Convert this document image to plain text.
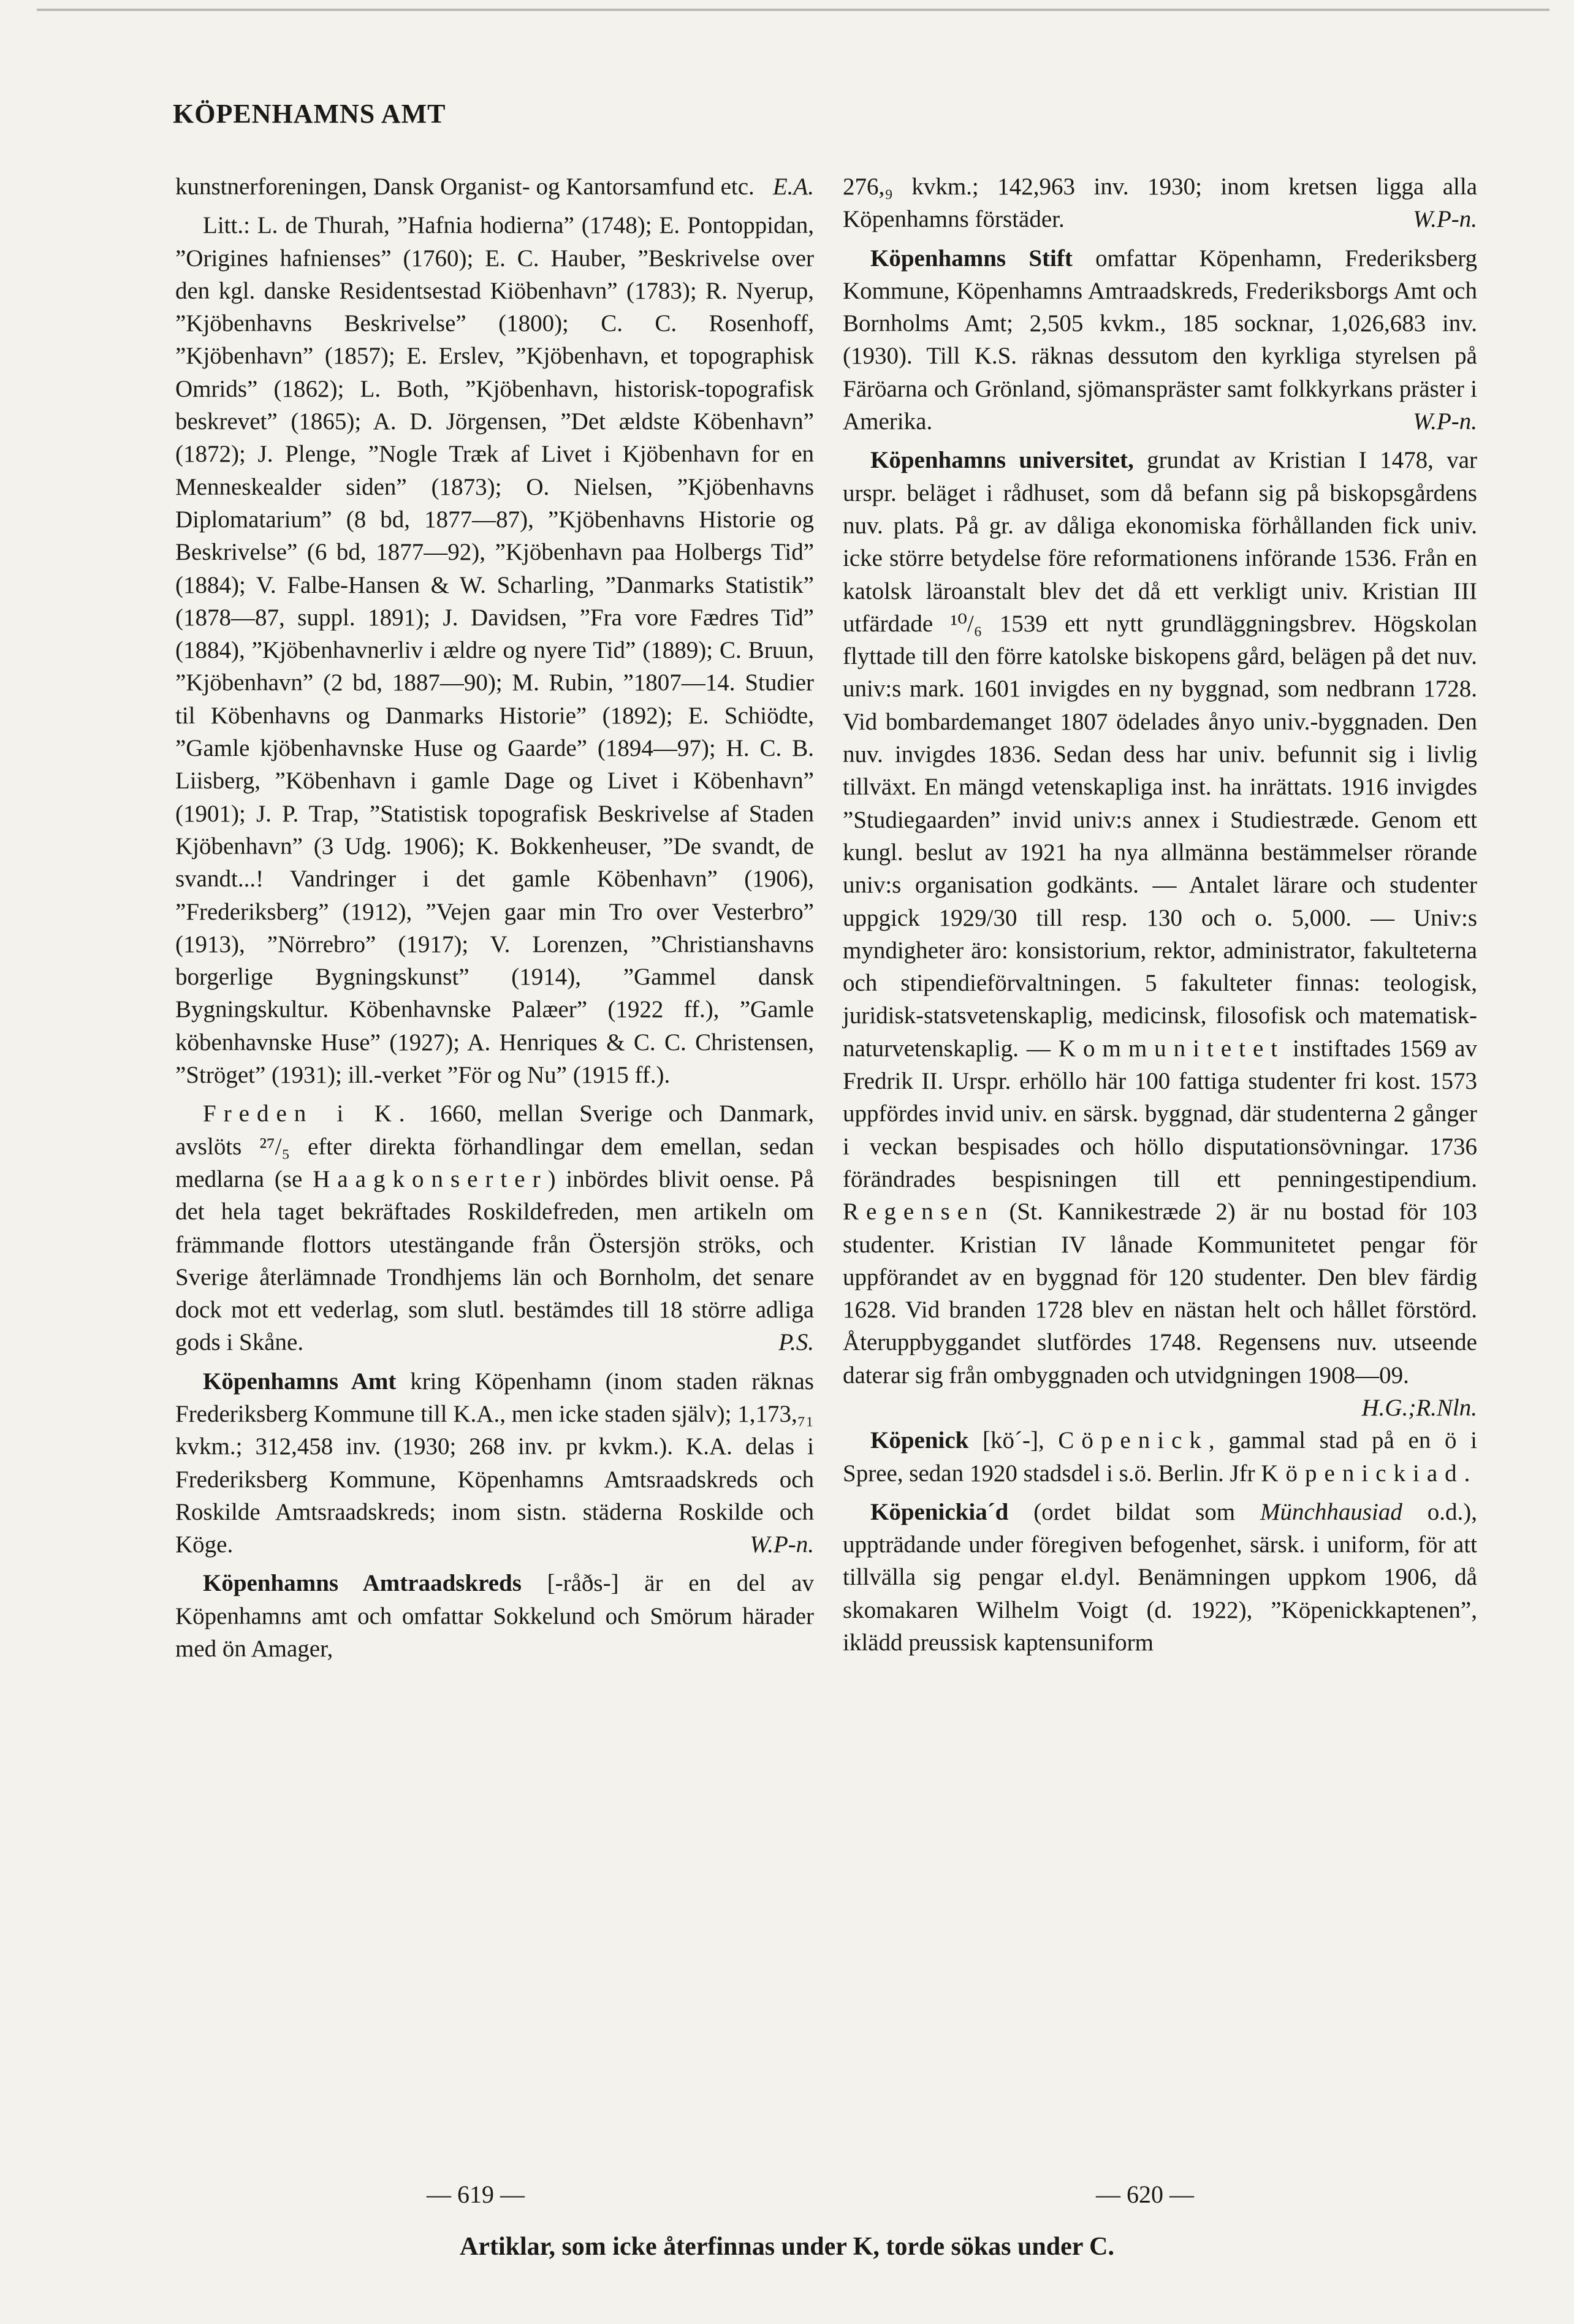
KÖPENHAMNS AMT

kunstnerforeningen, Dansk Organist- og Kantorsamfund etc. E.A.

Litt.: L. de Thurah, ”Hafnia hodierna” (1748); E. Pontoppidan, ”Origines hafnienses” (1760); E. C. Hauber, ”Beskrivelse over den kgl. danske Residentsestad Kiöbenhavn” (1783); R. Nyerup, ”Kjöbenhavns Beskrivelse” (1800); C. C. Rosenhoff, ”Kjöbenhavn” (1857); E. Erslev, ”Kjöbenhavn, et topographisk Omrids” (1862); L. Both, ”Kjöbenhavn, historisk-topografisk beskrevet” (1865); A. D. Jörgensen, ”Det ældste Köbenhavn” (1872); J. Plenge, ”Nogle Træk af Livet i Kjöbenhavn for en Menneskealder siden” (1873); O. Nielsen, ”Kjöbenhavns Diplomatarium” (8 bd, 1877—87), ”Kjöbenhavns Historie og Beskrivelse” (6 bd, 1877—92), ”Kjöbenhavn paa Holbergs Tid” (1884); V. Falbe-Hansen & W. Scharling, ”Danmarks Statistik” (1878—87, suppl. 1891); J. Davidsen, ”Fra vore Fædres Tid” (1884), ”Kjöbenhavnerliv i ældre og nyere Tid” (1889); C. Bruun, ”Kjöbenhavn” (2 bd, 1887—90); M. Rubin, ”1807—14. Studier til Köbenhavns og Danmarks Historie” (1892); E. Schiödte, ”Gamle kjöbenhavnske Huse og Gaarde” (1894—97); H. C. B. Liisberg, ”Köbenhavn i gamle Dage og Livet i Köbenhavn” (1901); J. P. Trap, ”Statistisk topografisk Beskrivelse af Staden Kjöbenhavn” (3 Udg. 1906); K. Bokkenheuser, ”De svandt, de svandt...! Vandringer i det gamle Köbenhavn” (1906), ”Frederiksberg” (1912), ”Vejen gaar min Tro over Vesterbro” (1913), ”Nörrebro” (1917); V. Lorenzen, ”Christianshavns borgerlige Bygningskunst” (1914), ”Gammel dansk Bygningskultur. Köbenhavnske Palæer” (1922 ff.), ”Gamle köbenhavnske Huse” (1927); A. Henriques & C. C. Christensen, ”Ströget” (1931); ill.-verket ”För og Nu” (1915 ff.).

Freden i K. 1660, mellan Sverige och Danmark, avslöts ²⁷/₅ efter direkta förhandlingar dem emellan, sedan medlarna (se Haagkonserter) inbördes blivit oense. På det hela taget bekräftades Roskildefreden, men artikeln om främmande flottors utestängande från Östersjön ströks, och Sverige återlämnade Trondhjems län och Bornholm, det senare dock mot ett vederlag, som slutl. bestämdes till 18 större adliga gods i Skåne.	P.S.

Köpenhamns Amt kring Köpenhamn (inom staden räknas Frederiksberg Kommune till K.A., men icke staden själv); 1,173,₇₁ kvkm.; 312,458 inv. (1930; 268 inv. pr kvkm.). K.A. delas i Frederiksberg Kommune, Köpenhamns Amtsraadskreds och Roskilde Amtsraadskreds; inom sistn. städerna Roskilde och Köge.	W.P-n.

Köpenhamns Amtraadskreds [-råðs-] är en del av Köpenhamns amt och omfattar Sokkelund och Smörum härader med ön Amager,

276,₉ kvkm.; 142,963 inv. 1930; inom kretsen ligga alla Köpenhamns förstäder.	W.P-n.

Köpenhamns Stift omfattar Köpenhamn, Frederiksberg Kommune, Köpenhamns Amtraadskreds, Frederiksborgs Amt och Bornholms Amt; 2,505 kvkm., 185 socknar, 1,026,683 inv. (1930). Till K.S. räknas dessutom den kyrkliga styrelsen på Färöarna och Grönland, sjömanspräster samt folkkyrkans präster i Amerika.	W.P-n.

Köpenhamns universitet, grundat av Kristian I 1478, var urspr. beläget i rådhuset, som då befann sig på biskopsgårdens nuv. plats. På gr. av dåliga ekonomiska förhållanden fick univ. icke större betydelse före reformationens införande 1536. Från en katolsk läroanstalt blev det då ett verkligt univ. Kristian III utfärdade ¹⁰/₆ 1539 ett nytt grundläggningsbrev. Högskolan flyttade till den förre katolske biskopens gård, belägen på det nuv. univ:s mark. 1601 invigdes en ny byggnad, som nedbrann 1728. Vid bombardemanget 1807 ödelades ånyo univ.-byggnaden. Den nuv. invigdes 1836. Sedan dess har univ. befunnit sig i livlig tillväxt. En mängd vetenskapliga inst. ha inrättats. 1916 invigdes ”Studiegaarden” invid univ:s annex i Studiestræde. Genom ett kungl. beslut av 1921 ha nya allmänna bestämmelser rörande univ:s organisation godkänts. — Antalet lärare och studenter uppgick 1929/30 till resp. 130 och o. 5,000. — Univ:s myndigheter äro: konsistorium, rektor, administrator, fakulteterna och stipendieförvaltningen. 5 fakulteter finnas: teologisk, juridisk-statsvetenskaplig, medicinsk, filosofisk och matematisk-naturvetenskaplig. — Kommunitetet instiftades 1569 av Fredrik II. Urspr. erhöllo här 100 fattiga studenter fri kost. 1573 uppfördes invid univ. en särsk. byggnad, där studenterna 2 gånger i veckan bespisades och höllo disputationsövningar. 1736 förändrades bespisningen till ett penningestipendium. Regensen (St. Kannikestræde 2) är nu bostad för 103 studenter. Kristian IV lånade Kommunitetet pengar för uppförandet av en byggnad för 120 studenter. Den blev färdig 1628. Vid branden 1728 blev en nästan helt och hållet förstörd. Återuppbyggandet slutfördes 1748. Regensens nuv. utseende daterar sig från ombyggnaden och utvidgningen 1908—09.
H.G.;R.Nln.

Köpenick [kö´-], Cöpenick, gammal stad på en ö i Spree, sedan 1920 stadsdel i s.ö. Berlin. Jfr Köpenickiad.

Köpenickia´d (ordet bildat som Münchhausiad o.d.), uppträdande under föregiven befogenhet, särsk. i uniform, för att tillvälla sig pengar el.dyl. Benämningen uppkom 1906, då skomakaren Wilhelm Voigt (d. 1922), ”Köpenickkaptenen”, iklädd preussisk kaptensuniform

— 619 —	— 620 —
Artiklar, som icke återfinnas under K, torde sökas under C.
